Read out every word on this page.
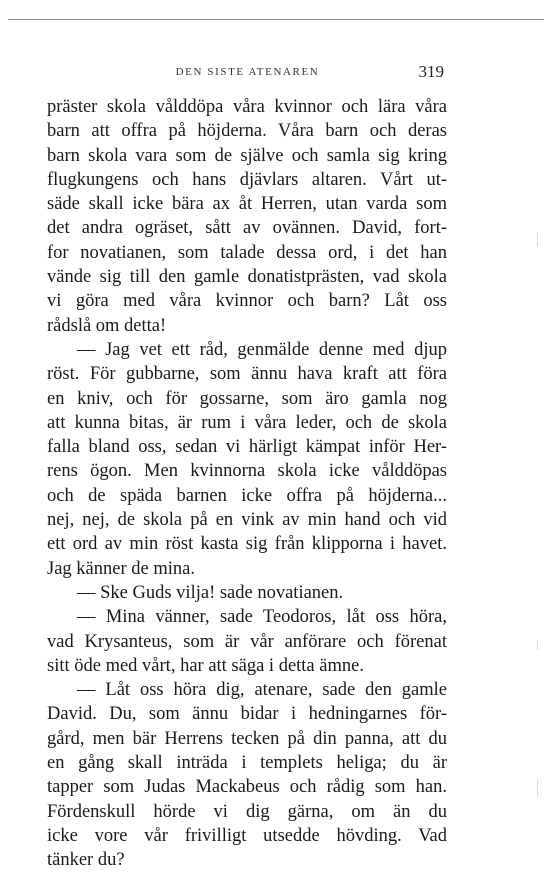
DEN SISTE ATENAREN	319
präster skola vålddöpa våra kvinnor och lära våra
barn att offra på höjderna. Våra barn och deras
barn skola vara som de själve och samla sig kring
flugkungens och hans djävlars altaren. Vårt ut-
säde skall icke bära ax åt Herren, utan varda som
det andra ogräset, sått av ovännen. David, fort-
for novatianen, som talade dessa ord, i det han
vände sig till den gamle donatistprästen, vad skola
vi göra med våra kvinnor och barn? Låt oss
rådslå om detta!
— Jag vet ett råd, genmälde denne med djup
röst. För gubbarne, som ännu hava kraft att föra
en kniv, och för gossarne, som äro gamla nog
att kunna bitas, är rum i våra leder, och de skola
falla bland oss, sedan vi härligt kämpat inför Her-
rens ögon. Men kvinnorna skola icke vålddöpas
och de späda barnen icke offra på höjderna...
nej, nej, de skola på en vink av min hand och vid
ett ord av min röst kasta sig från klipporna i havet.
Jag känner de mina.
— Ske Guds vilja! sade novatianen.
— Mina vänner, sade Teodoros, låt oss höra,
vad Krysanteus, som är vår anförare och förenat
sitt öde med vårt, har att säga i detta ämne.
— Låt oss höra dig, atenare, sade den gamle
David. Du, som ännu bidar i hedningarnes för-
gård, men bär Herrens tecken på din panna, att du
en gång skall inträda i templets heliga; du är
tapper som Judas Mackabeus och rådig som han.
Fördenskull hörde vi dig gärna, om än du
icke vore vår frivilligt utsedde hövding. Vad
tänker du?
